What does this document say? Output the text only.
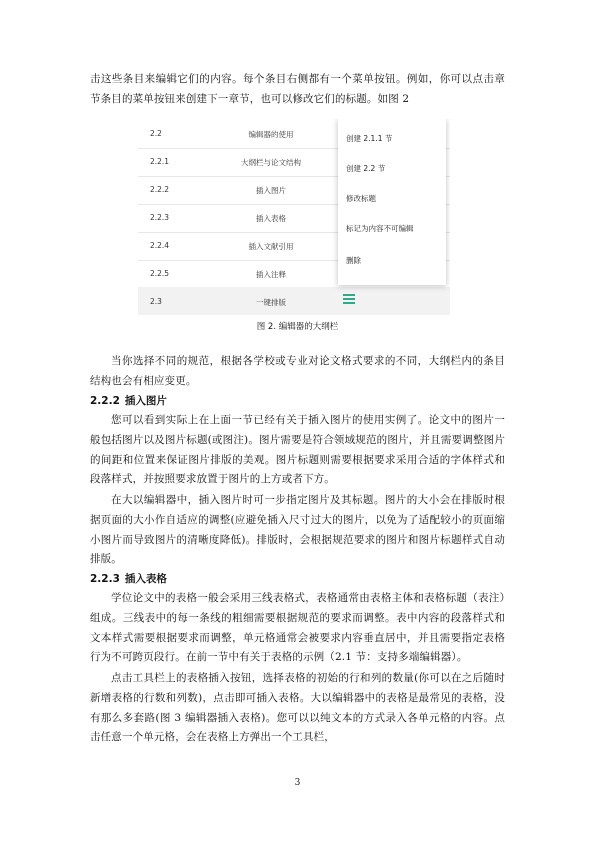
击这些条目来编辑它们的内容。每个条目右侧都有一个菜单按钮。例如，你可以点击章节条目的菜单按钮来创建下一章节，也可以修改它们的标题。如图 2

2.2	编辑器的使用
2.2.1	大纲栏与论文结构
2.2.2	插入图片
2.2.3	插入表格
2.2.4	插入文献引用
2.2.5	插入注释
2.3	一键排版
创建 2.1.1 节
创建 2.2 节
修改标题
标记为内容不可编辑
删除
图 2. 编辑器的大纲栏

当你选择不同的规范，根据各学校或专业对论文格式要求的不同，大纲栏内的条目结构也会有相应变更。

2.2.2 插入图片

您可以看到实际上在上面一节已经有关于插入图片的使用实例了。论文中的图片一般包括图片以及图片标题(或图注)。图片需要是符合领域规范的图片，并且需要调整图片的间距和位置来保证图片排版的美观。图片标题则需要根据要求采用合适的字体样式和段落样式，并按照要求放置于图片的上方或者下方。

在大以编辑器中，插入图片时可一步指定图片及其标题。图片的大小会在排版时根据页面的大小作自适应的调整(应避免插入尺寸过大的图片，以免为了适配较小的页面缩小图片而导致图片的清晰度降低)。排版时，会根据规范要求的图片和图片标题样式自动排版。

2.2.3 插入表格

学位论文中的表格一般会采用三线表格式，表格通常由表格主体和表格标题（表注）组成。三线表中的每一条线的粗细需要根据规范的要求而调整。表中内容的段落样式和文本样式需要根据要求而调整，单元格通常会被要求内容垂直居中，并且需要指定表格行为不可跨页段行。在前一节中有关于表格的示例（2.1 节：支持多端编辑器）。

点击工具栏上的表格插入按钮，选择表格的初始的行和列的数量(你可以在之后随时新增表格的行数和列数)，点击即可插入表格。大以编辑器中的表格是最常见的表格，没有那么多套路(图 3 编辑器插入表格)。您可以以纯文本的方式录入各单元格的内容。点击任意一个单元格，会在表格上方弹出一个工具栏，

3
